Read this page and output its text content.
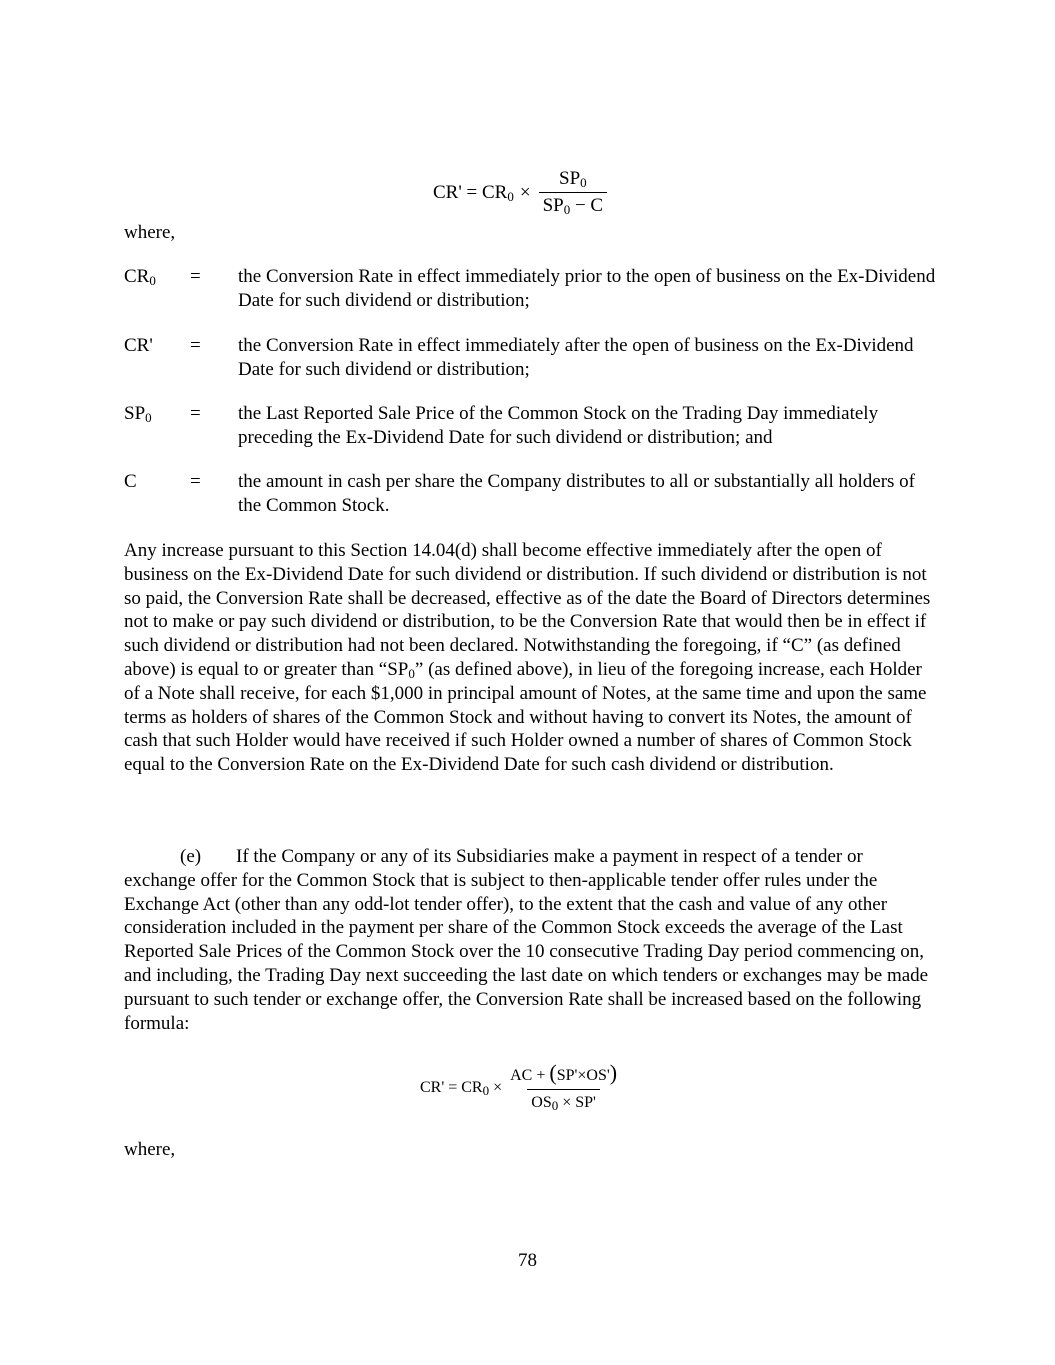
$CR' = CR_0 \times \frac{SP_0}{SP_0 - C}$
where,
$CR_0$ = the Conversion Rate in effect immediately prior to the open of business on the Ex-Dividend Date for such dividend or distribution;
CR' = the Conversion Rate in effect immediately after the open of business on the Ex-Dividend Date for such dividend or distribution;
$SP_0$ = the Last Reported Sale Price of the Common Stock on the Trading Day immediately preceding the Ex-Dividend Date for such dividend or distribution; and
C	= the amount in cash per share the Company distributes to all or substantially all holders of the Common Stock.
Any increase pursuant to this Section 14.04(d) shall become effective immediately after the open of business on the Ex-Dividend Date for such dividend or distribution. If such dividend or distribution is not so paid, the Conversion Rate shall be decreased, effective as of the date the Board of Directors determines not to make or pay such dividend or distribution, to be the Conversion Rate that would then be in effect if such dividend or distribution had not been declared. Notwithstanding the foregoing, if “C” (as defined above) is equal to or greater than “$SP_0$” (as defined above), in lieu of the foregoing increase, each Holder of a Note shall receive, for each $1,000 in principal amount of Notes, at the same time and upon the same terms as holders of shares of the Common Stock and without having to convert its Notes, the amount of cash that such Holder would have received if such Holder owned a number of shares of Common Stock equal to the Conversion Rate on the Ex-Dividend Date for such cash dividend or distribution.
(e) If the Company or any of its Subsidiaries make a payment in respect of a tender or exchange offer for the Common Stock that is subject to then-applicable tender offer rules under the Exchange Act (other than any odd-lot tender offer), to the extent that the cash and value of any other consideration included in the payment per share of the Common Stock exceeds the average of the Last Reported Sale Prices of the Common Stock over the 10 consecutive Trading Day period commencing on, and including, the Trading Day next succeeding the last date on which tenders or exchanges may be made pursuant to such tender or exchange offer, the Conversion Rate shall be increased based on the following formula:
$CR' = CR_0 \times \frac{AC + (SP'\times OS')}{OS_0 \times SP'}$
where,
78
